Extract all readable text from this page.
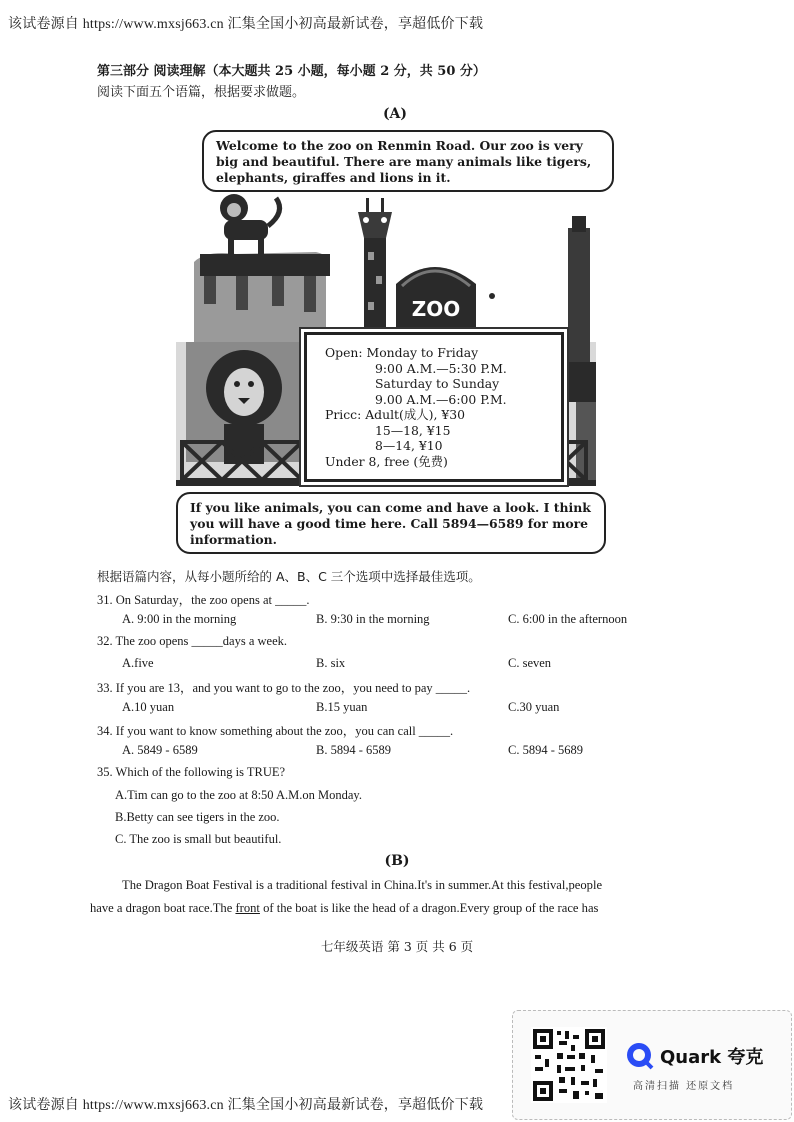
该试卷源自 https://www.mxsj663.cn 汇集全国小初高最新试卷，享超低价下载
第三部分 阅读理解（本大题共 25 小题，每小题 2 分，共 50 分）
阅读下面五个语篇，根据要求做题。
(A)
Welcome to the zoo on Renmin Road. Our zoo is very big and beautiful. There are many animals like tigers, elephants, giraffes and lions in it.
ZOO
Open: Monday to Friday
9:00 A.M.—5:30 P.M.
Saturday to Sunday
9.00 A.M.—6:00 P.M.
Pricc: Adult(成人), ¥30
15—18, ¥15
8—14, ¥10
Under 8, free (免费)
If you like animals, you can come and have a look. I think you will have a good time here. Call 5894—6589 for more information.
根据语篇内容，从每小题所给的 A、B、C 三个选项中选择最佳选项。
31. On Saturday，the zoo opens at _____.
A. 9:00 in the morning	B. 9:30 in the morning	C. 6:00 in the afternoon
32. The zoo opens _____days a week.
A.five	B. six	C. seven
33. If you are 13，and you want to go to the zoo，you need to pay _____.
A.10 yuan	B.15 yuan	C.30 yuan
34. If you want to know something about the zoo，you can call _____.
A. 5849 - 6589	B. 5894 - 6589	C. 5894 - 5689
35. Which of the following is TRUE?
A.Tim can go to the zoo at 8:50 A.M.on Monday.
B.Betty can see tigers in the zoo.
C. The zoo is small but beautiful.
(B)
The Dragon Boat Festival is a traditional festival in China.It's in summer.At this festival,people
have a dragon boat race.The front of the boat is like the head of a dragon.Every group of the race has
七年级英语 第 3 页 共 6 页
Quark 夸克
高清扫描 还原文档
该试卷源自 https://www.mxsj663.cn 汇集全国小初高最新试卷，享超低价下载
